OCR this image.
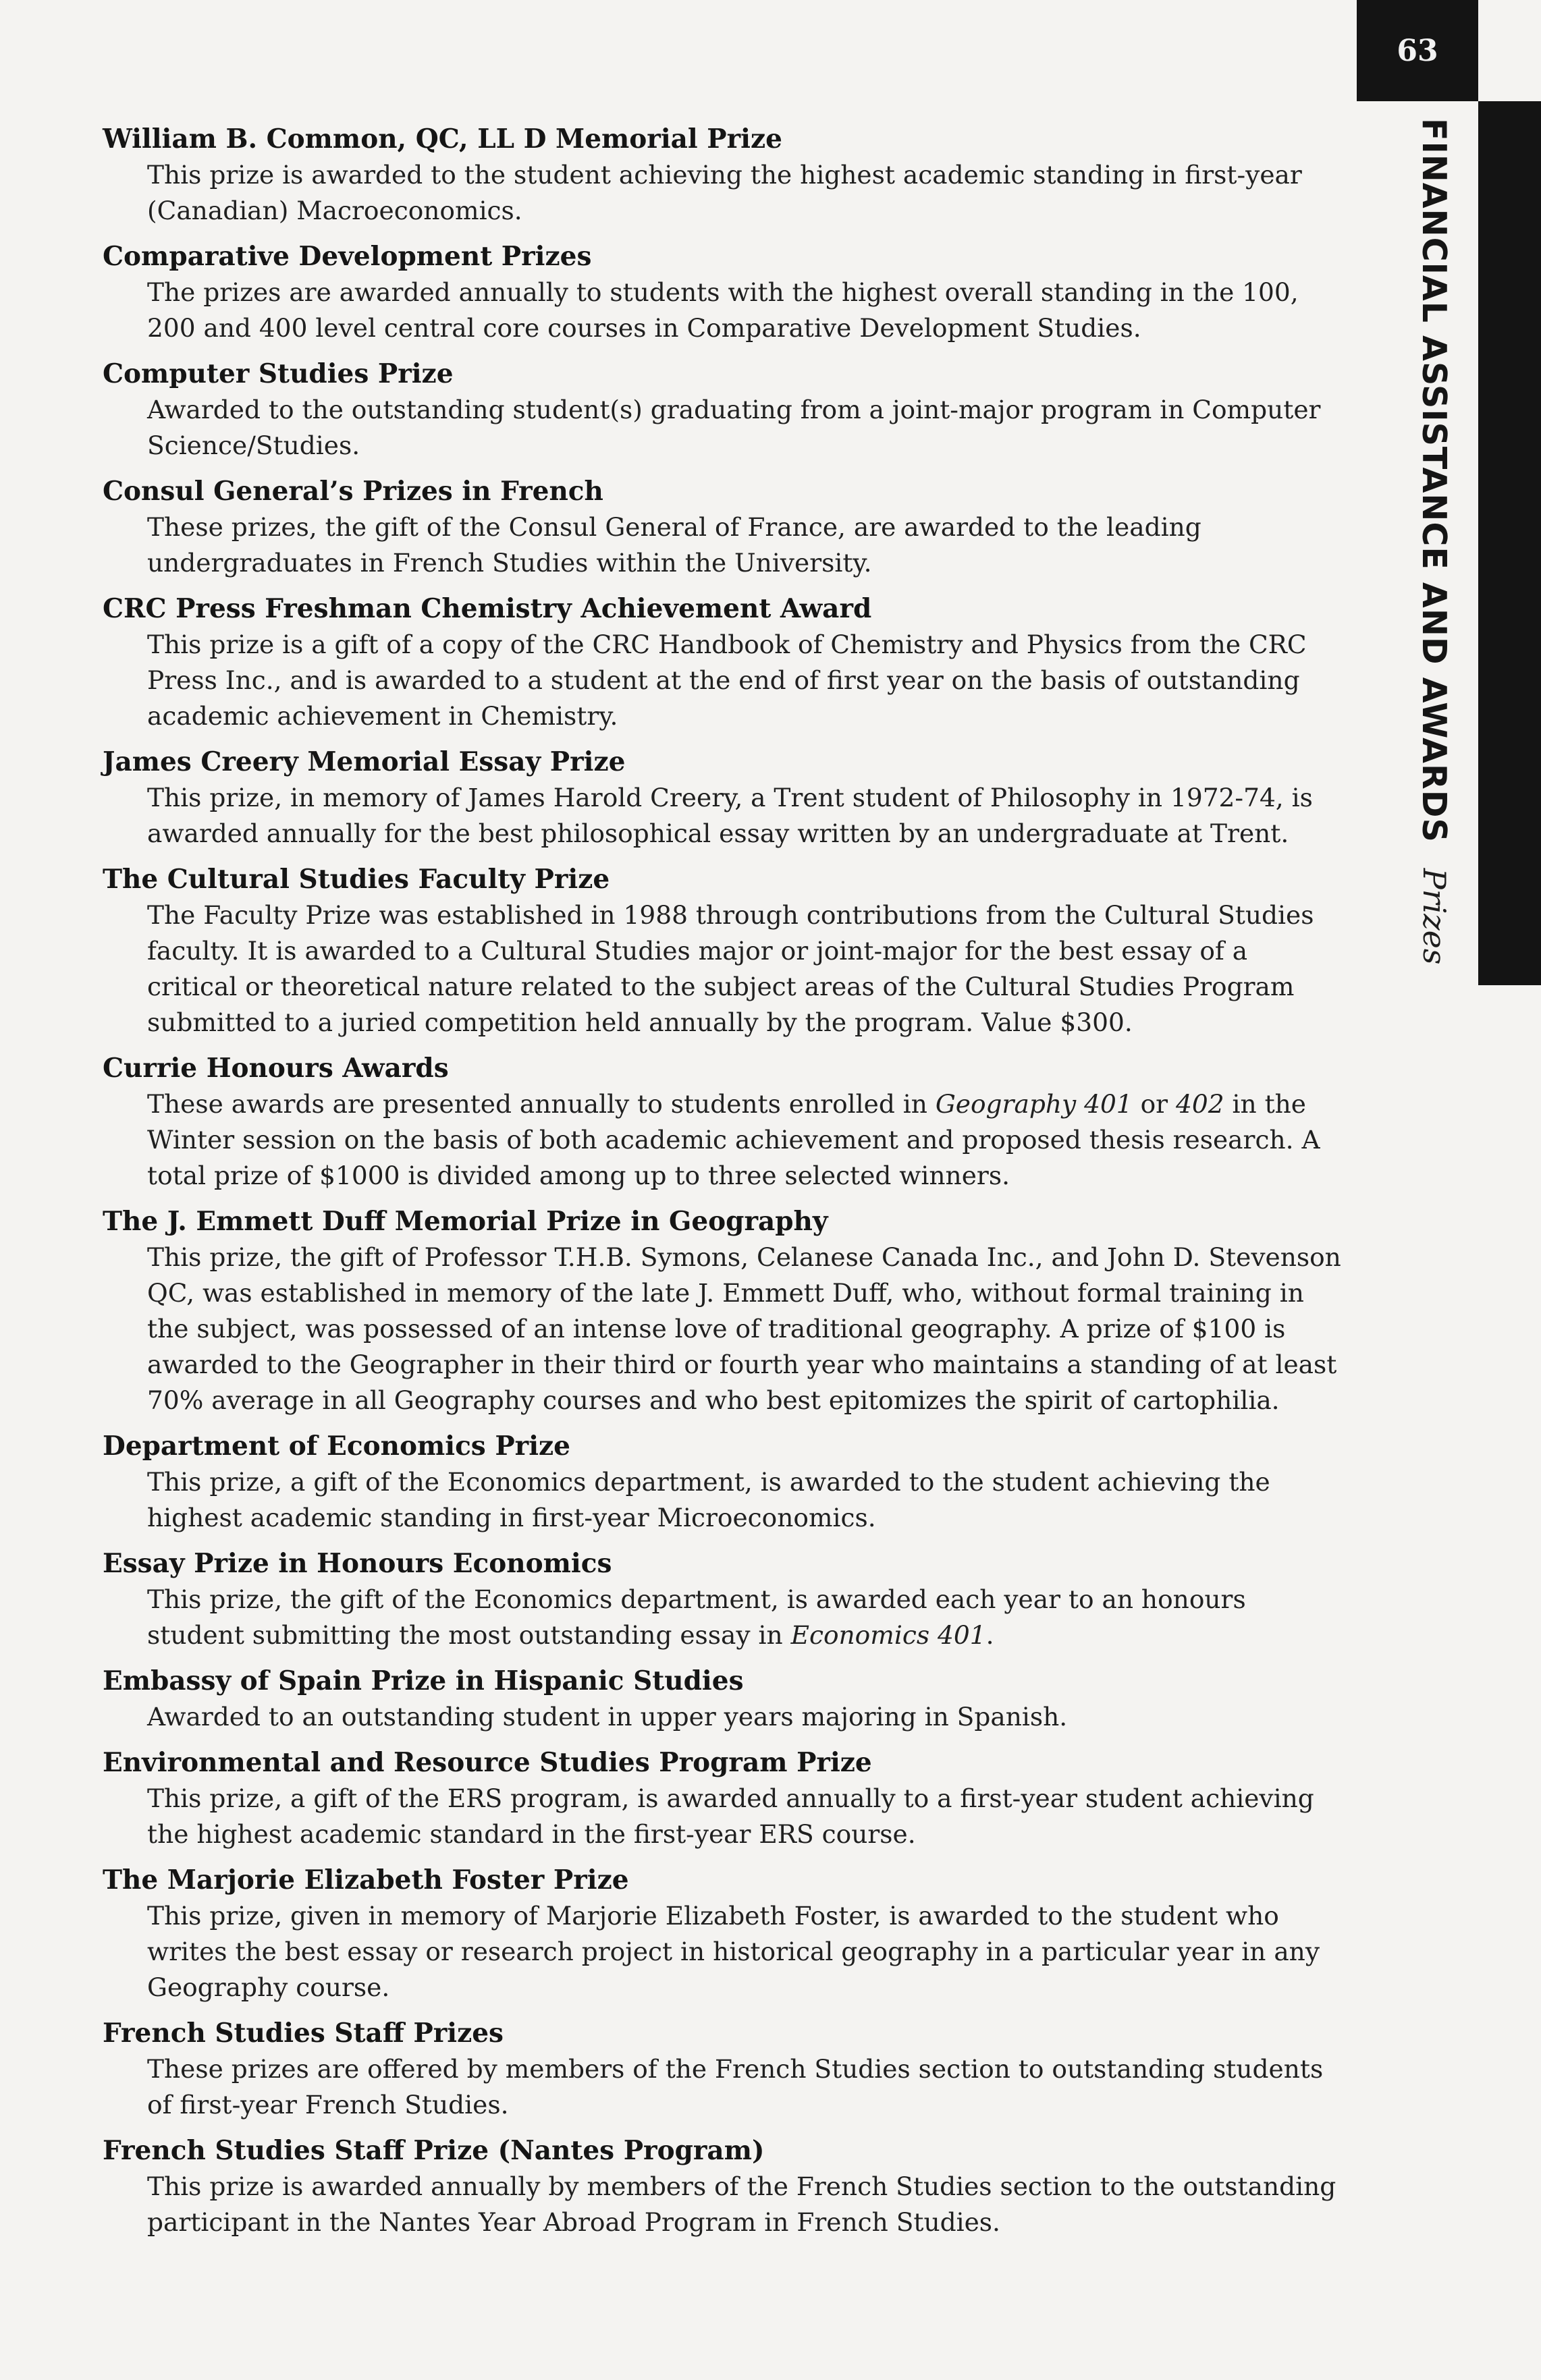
63
FINANCIAL ASSISTANCE AND AWARDS
Prizes
William B. Common, QC, LL D Memorial Prize
This prize is awarded to the student achieving the highest academic standing in first-year (Canadian) Macroeconomics.
Comparative Development Prizes
The prizes are awarded annually to students with the highest overall standing in the 100, 200 and 400 level central core courses in Comparative Development Studies.
Computer Studies Prize
Awarded to the outstanding student(s) graduating from a joint-major program in Computer Science/Studies.
Consul General’s Prizes in French
These prizes, the gift of the Consul General of France, are awarded to the leading undergraduates in French Studies within the University.
CRC Press Freshman Chemistry Achievement Award
This prize is a gift of a copy of the CRC Handbook of Chemistry and Physics from the CRC Press Inc., and is awarded to a student at the end of first year on the basis of outstanding academic achievement in Chemistry.
James Creery Memorial Essay Prize
This prize, in memory of James Harold Creery, a Trent student of Philosophy in 1972-74, is awarded annually for the best philosophical essay written by an undergraduate at Trent.
The Cultural Studies Faculty Prize
The Faculty Prize was established in 1988 through contributions from the Cultural Studies faculty. It is awarded to a Cultural Studies major or joint-major for the best essay of a critical or theoretical nature related to the subject areas of the Cultural Studies Program submitted to a juried competition held annually by the program. Value $300.
Currie Honours Awards
These awards are presented annually to students enrolled in Geography 401 or 402 in the Winter session on the basis of both academic achievement and proposed thesis research. A total prize of $1000 is divided among up to three selected winners.
The J. Emmett Duff Memorial Prize in Geography
This prize, the gift of Professor T.H.B. Symons, Celanese Canada Inc., and John D. Stevenson QC, was established in memory of the late J. Emmett Duff, who, without formal training in the subject, was possessed of an intense love of traditional geography. A prize of $100 is awarded to the Geographer in their third or fourth year who maintains a standing of at least 70% average in all Geography courses and who best epitomizes the spirit of cartophilia.
Department of Economics Prize
This prize, a gift of the Economics department, is awarded to the student achieving the highest academic standing in first-year Microeconomics.
Essay Prize in Honours Economics
This prize, the gift of the Economics department, is awarded each year to an honours student submitting the most outstanding essay in Economics 401.
Embassy of Spain Prize in Hispanic Studies
Awarded to an outstanding student in upper years majoring in Spanish.
Environmental and Resource Studies Program Prize
This prize, a gift of the ERS program, is awarded annually to a first-year student achieving the highest academic standard in the first-year ERS course.
The Marjorie Elizabeth Foster Prize
This prize, given in memory of Marjorie Elizabeth Foster, is awarded to the student who writes the best essay or research project in historical geography in a particular year in any Geography course.
French Studies Staff Prizes
These prizes are offered by members of the French Studies section to outstanding students of first-year French Studies.
French Studies Staff Prize (Nantes Program)
This prize is awarded annually by members of the French Studies section to the outstanding participant in the Nantes Year Abroad Program in French Studies.
